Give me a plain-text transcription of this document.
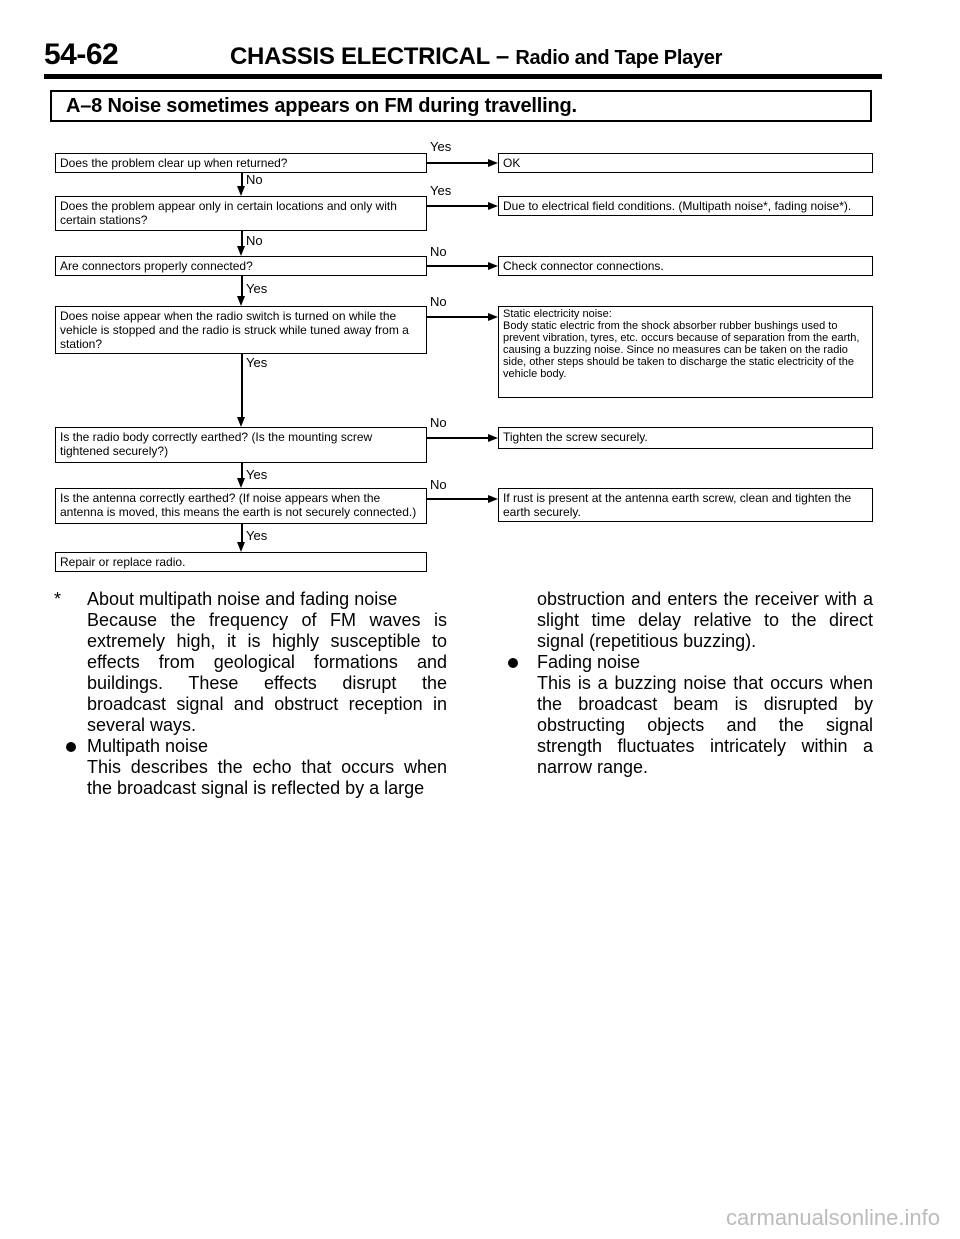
54-62	CHASSIS ELECTRICAL – Radio and Tape Player
A–8 Noise sometimes appears on FM during travelling.
Does the problem clear up when returned?
Does the problem appear only in certain locations and only with certain stations?
Are connectors properly connected?
Does noise appear when the radio switch is turned on while the vehicle is stopped and the radio is struck while tuned away from a station?
Is the radio body correctly earthed? (Is the mounting screw tightened securely?)
Is the antenna correctly earthed? (If noise appears when the antenna is moved, this means the earth is not securely connected.)
Repair or replace radio.
OK
Due to electrical field conditions. (Multipath noise*, fading noise*).
Check connector connections.
Static electricity noise:
Body static electric from the shock absorber rubber bushings used to prevent vibration, tyres, etc. occurs because of separation from the earth, causing a buzzing noise. Since no measures can be taken on the radio side, other steps should be taken to discharge the static electricity of the vehicle body.
Tighten the screw securely.
If rust is present at the antenna earth screw, clean and tighten the earth securely.
Yes
Yes
No
No
No
No
No
No
Yes
Yes
Yes
Yes
* About multipath noise and fading noise
Because the frequency of FM waves is extremely high, it is highly susceptible to effects from geological formations and buildings. These effects disrupt the broadcast signal and obstruct reception in several ways.
Multipath noise
This describes the echo that occurs when the broadcast signal is reflected by a large
obstruction and enters the receiver with a slight time delay relative to the direct signal (repetitious buzzing).
Fading noise
This is a buzzing noise that occurs when the broadcast beam is disrupted by obstructing objects and the signal strength fluctuates intricately within a narrow range.
carmanualsonline.info
